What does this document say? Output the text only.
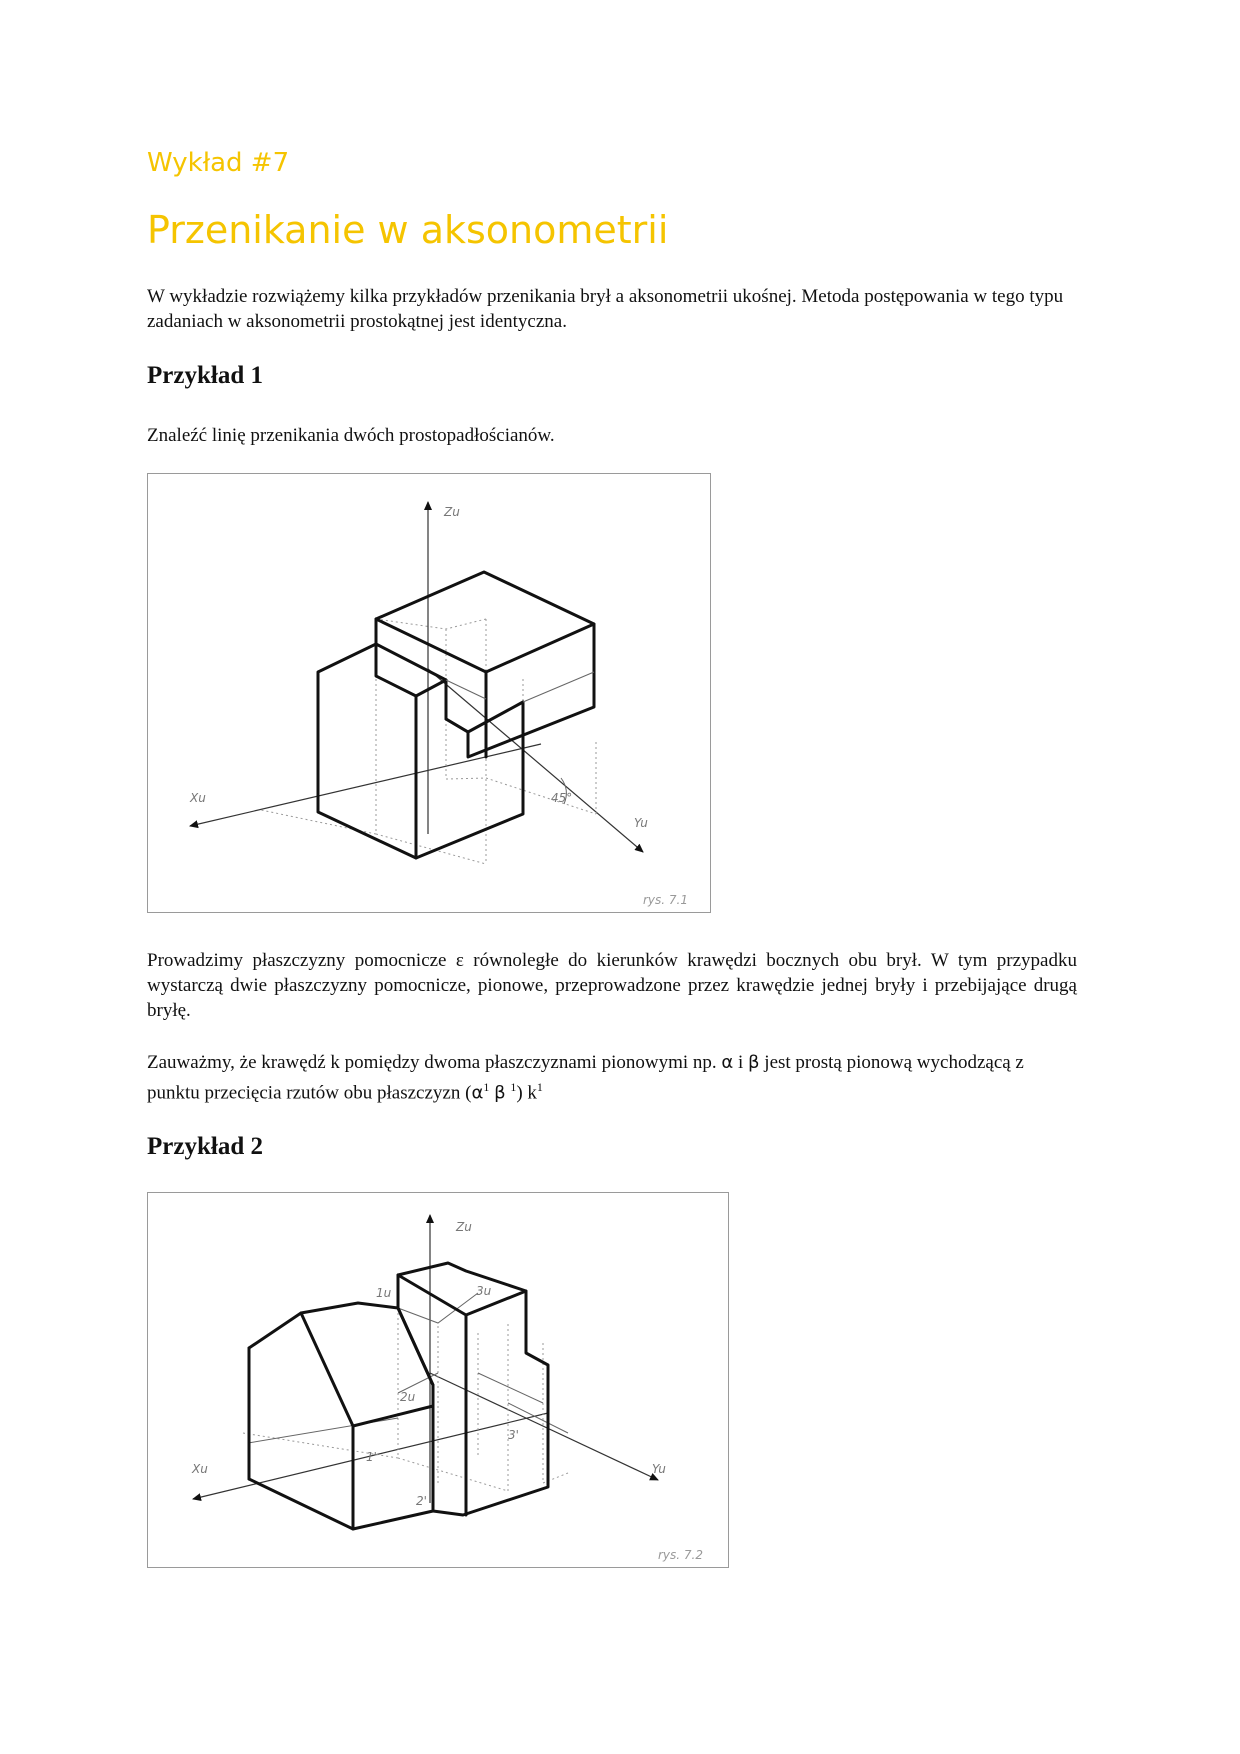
Wykład #7
Przenikanie w aksonometrii

W wykładzie rozwiążemy kilka przykładów przenikania brył a aksonometrii ukośnej. Metoda postępowania w tego typu zadaniach w aksonometrii prostokątnej jest identyczna.

Przykład 1

Znaleźć linię przenikania dwóch prostopadłościanów.

Zu
Xu
Yu
45°
rys. 7.1

Prowadzimy płaszczyzny pomocnicze ε równoległe do kierunków krawędzi bocznych obu brył. W tym przypadku wystarczą dwie płaszczyzny pomocnicze, pionowe, przeprowadzone przez krawędzie jednej bryły i przebijające drugą bryłę.

Zauważmy, że krawędź k pomiędzy dwoma płaszczyznami pionowymi np. α i β jest prostą pionową wychodzącą z punktu przecięcia rzutów obu płaszczyzn ($\alpha^1$ β $^1$) $k^1$

Przykład 2
Zu
Xu	Yu
1u	3u
2u
1'
2'
3'
rys. 7.2
